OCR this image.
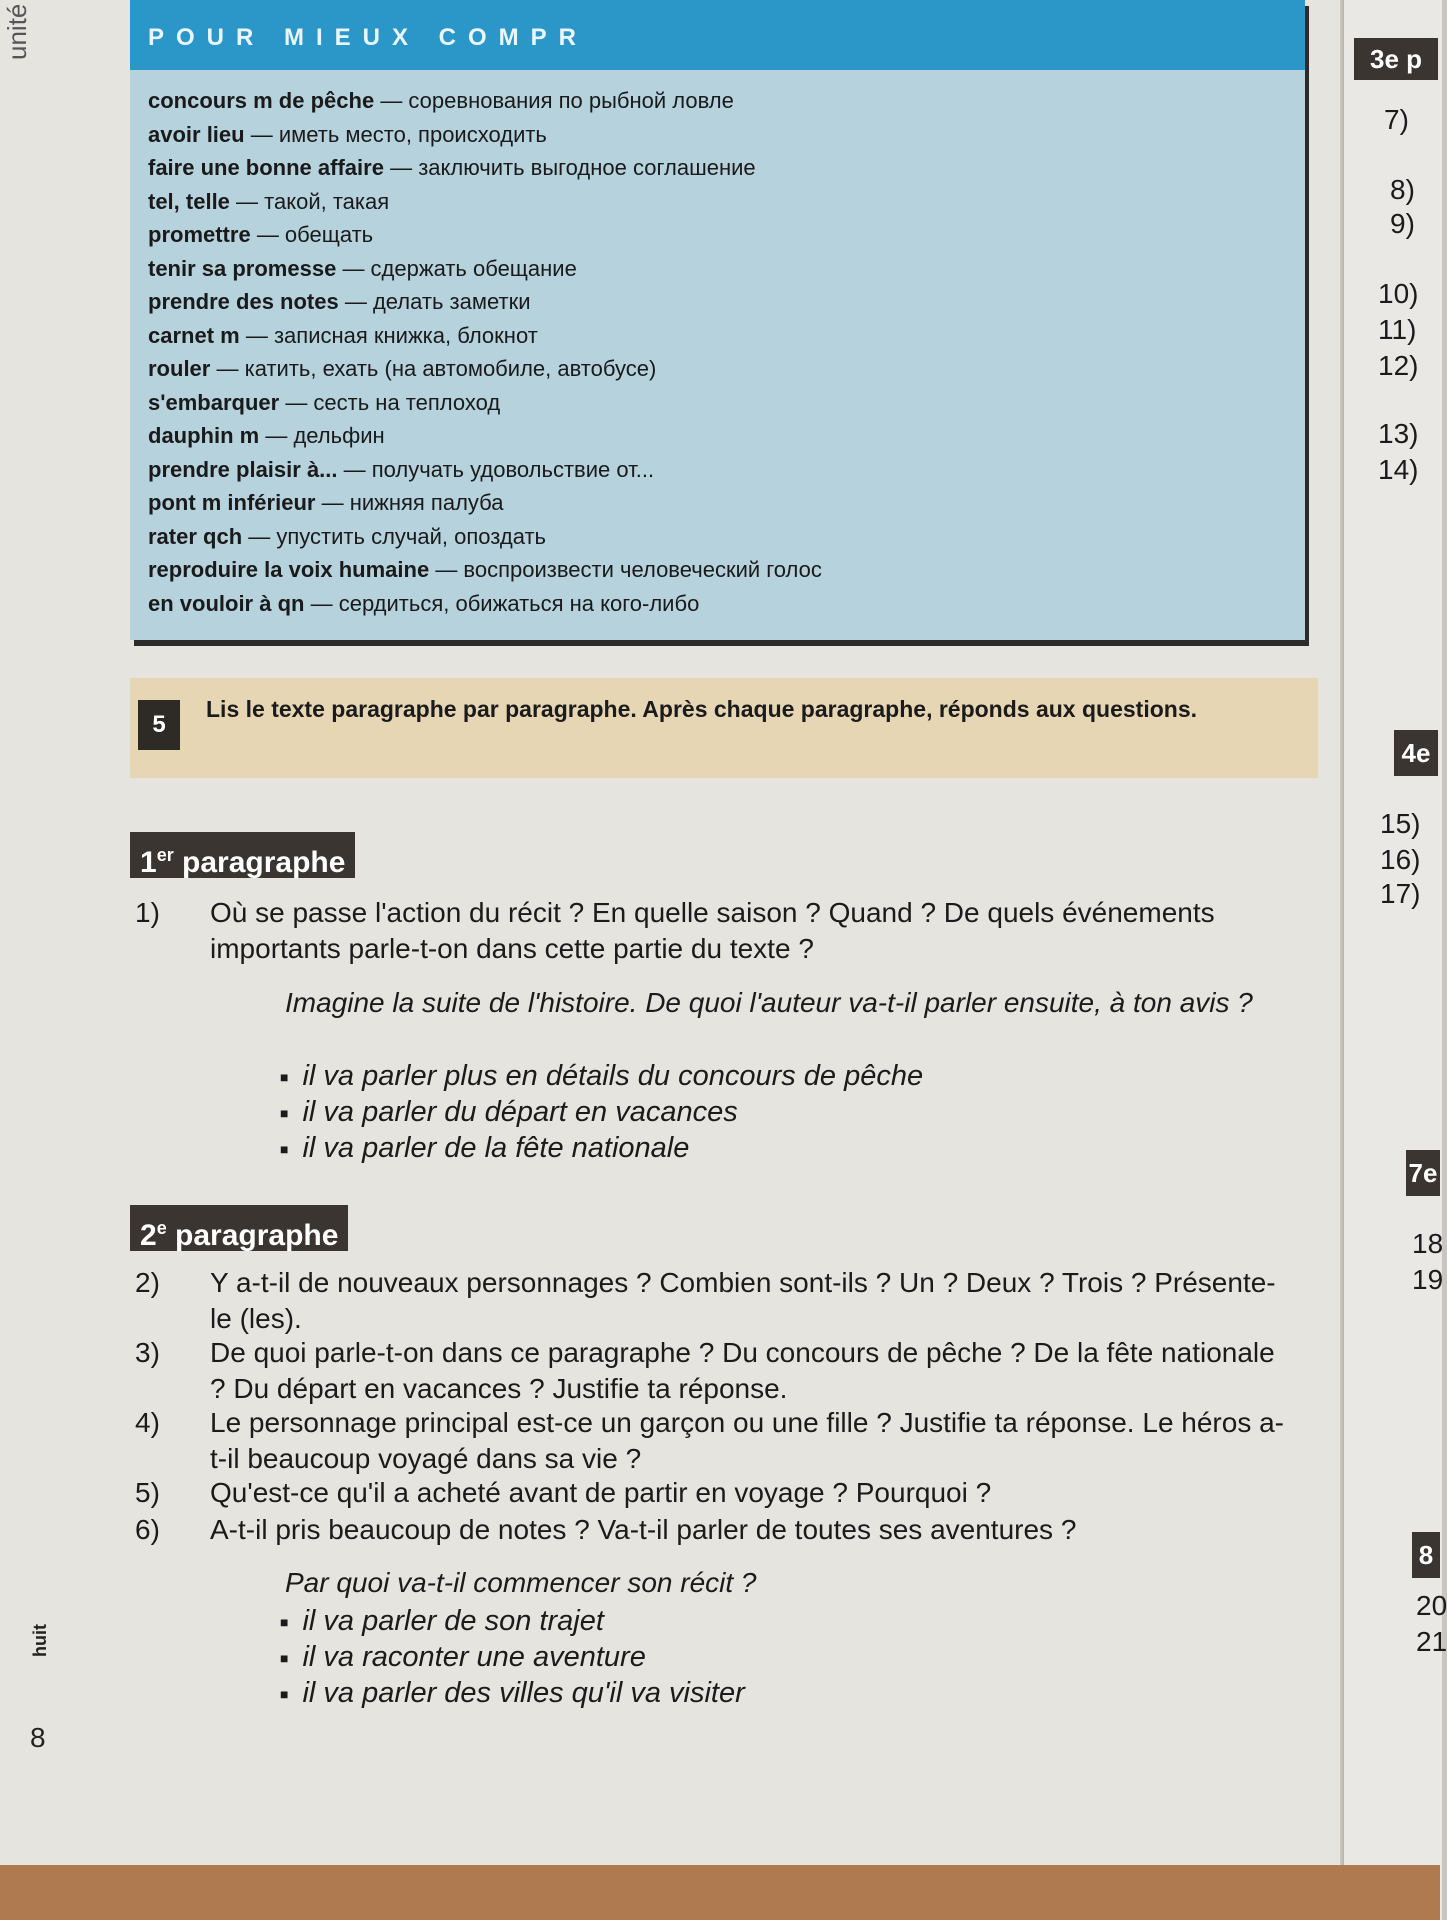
unité
huit
8
POUR MIEUX COMPR
concours m de pêche — соревнования по рыбной ловле
avoir lieu — иметь место, происходить
faire une bonne affaire — заключить выгодное соглашение
tel, telle — такой, такая
promettre — обещать
tenir sa promesse — сдержать обещание
prendre des notes — делать заметки
carnet m — записная книжка, блокнот
rouler — катить, ехать (на автомобиле, автобусе)
s'embarquer — сесть на теплоход
dauphin m — дельфин
prendre plaisir à... — получать удовольствие от...
pont m inférieur — нижняя палуба
rater qch — упустить случай, опоздать
reproduire la voix humaine — воспроизвести человеческий голос
en vouloir à qn — сердиться, обижаться на кого-либо
5
Lis le texte paragraphe par paragraphe. Après chaque paragraphe, réponds aux questions.
1er paragraphe
1)	Où se passe l'action du récit ? En quelle saison ? Quand ? De quels événements importants parle-t-on dans cette partie du texte ?
Imagine la suite de l'histoire. De quoi l'auteur va-t-il parler ensuite, à ton avis ?
■ il va parler plus en détails du concours de pêche
■ il va parler du départ en vacances
■ il va parler de la fête nationale
2e paragraphe
2)	Y a-t-il de nouveaux personnages ? Combien sont-ils ? Un ? Deux ? Trois ? Présente-le (les).
3)	De quoi parle-t-on dans ce paragraphe ? Du concours de pêche ? De la fête nationale ? Du départ en vacances ? Justifie ta réponse.
4)	Le personnage principal est-ce un garçon ou une fille ? Justifie ta réponse. Le héros a-t-il beaucoup voyagé dans sa vie ?
5)	Qu'est-ce qu'il a acheté avant de partir en voyage ? Pourquoi ?
6)	A-t-il pris beaucoup de notes ? Va-t-il parler de toutes ses aventures ?
Par quoi va-t-il commencer son récit ?
■ il va parler de son trajet
■ il va raconter une aventure
■ il va parler des villes qu'il va visiter
3e p
4e
7e
8
7)
8)
9)
10)
11)
12)
13)
14)
15)
16)
17)
18
19
20
21
